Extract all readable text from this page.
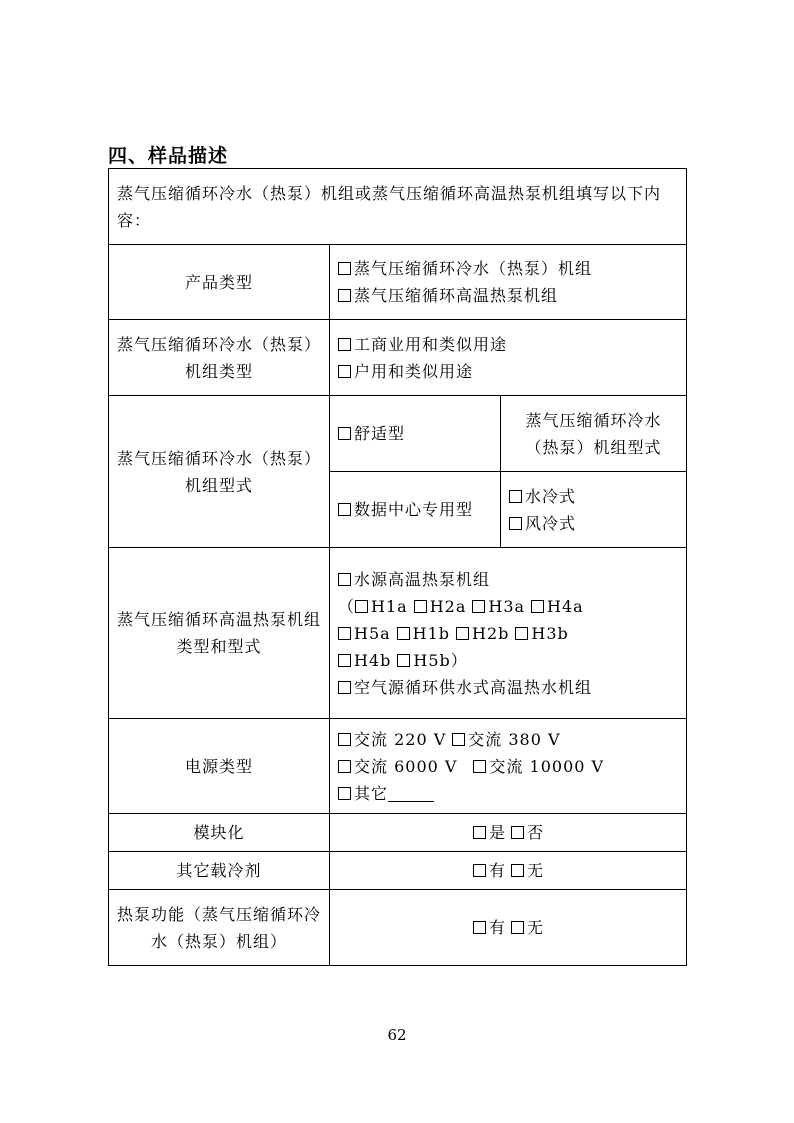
四、样品描述
蒸气压缩循环冷水（热泵）机组或蒸气压缩循环高温热泵机组填写以下内容：		
产品类型	蒸气压缩循环冷水（热泵）机组
蒸气压缩循环高温热泵机组	

蒸气压缩循环冷水（热泵）机组类型	工商业用和类似用途
户用和类似用途	

蒸气压缩循环冷水（热泵）机组型式	舒适型	蒸气压缩循环冷水（热泵）机组型式

	数据中心专用型	水冷式
风冷式

蒸气压缩循环高温热泵机组类型和型式	水源高温热泵机组
（ H1a H2a H3a H4a
H5a H1b H2b H3b
H4b H5b）
空气源循环供水式高温热水机组	

电源类型	交流 220 V 交流 380 V
交流 6000 V 交流 10000 V
其它	

模块化	是 否	
其它载冷剂	有 无	
热泵功能（蒸气压缩循环冷水（热泵）机组）	有 无	
62
